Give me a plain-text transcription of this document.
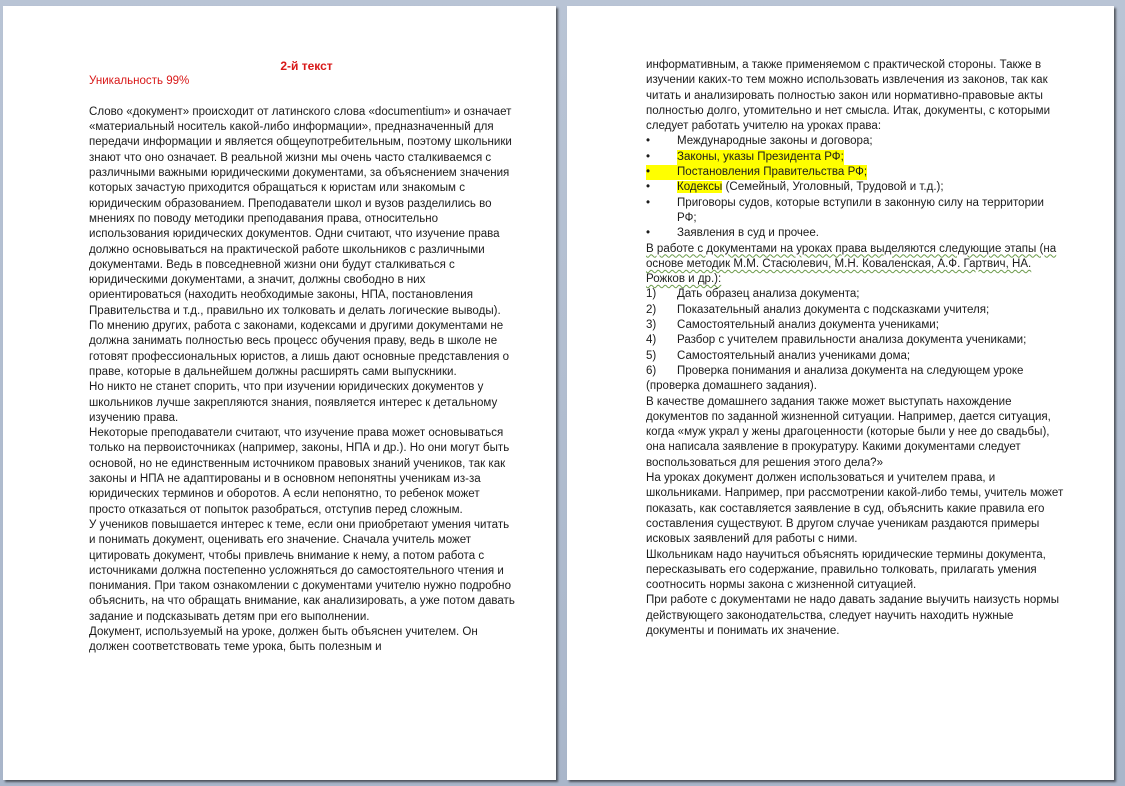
2-й текст
Уникальность 99%

Слово «документ» происходит от латинского слова «documentium» и означает «материальный носитель какой-либо информации», предназначенный для передачи информации и является общеупотребительным, поэтому школьники знают что оно означает. В реальной жизни мы очень часто сталкиваемся с различными важными юридическими документами, за объяснением значения которых зачастую приходится обращаться к юристам или знакомым с юридическим образованием. Преподаватели школ и вузов разделились во мнениях по поводу методики преподавания права, относительно использования юридических документов. Одни считают, что изучение права должно основываться на практической работе школьников с различными документами. Ведь в повседневной жизни они будут сталкиваться с юридическими документами, а значит, должны свободно в них ориентироваться (находить необходимые законы, НПА, постановления Правительства и т.д., правильно их толковать и делать логические выводы). По мнению других, работа с законами, кодексами и другими документами не должна занимать полностью весь процесс обучения праву, ведь в школе не готовят профессиональных юристов, а лишь дают основные представления о праве, которые в дальнейшем должны расширять сами выпускники.

Но никто не станет спорить, что при изучении юридических документов у школьников лучше закрепляются знания, появляется интерес к детальному изучению права.

Некоторые преподаватели считают, что изучение права может основываться только на первоисточниках (например, законы, НПА и др.). Но они могут быть основой, но не единственным источником правовых знаний учеников, так как законы и НПА не адаптированы и в основном непонятны ученикам из-за юридических терминов и оборотов. А если непонятно, то ребенок может просто отказаться от попыток разобраться, отступив перед сложным.

У учеников повышается интерес к теме, если они приобретают умения читать и понимать документ, оценивать его значение. Сначала учитель может цитировать документ, чтобы привлечь внимание к нему, а потом работа с источниками должна постепенно усложняться до самостоятельного чтения и понимания. При таком ознакомлении с документами учителю нужно подробно объяснить, на что обращать внимание, как анализировать, а уже потом давать задание и подсказывать детям при его выполнении.

Документ, используемый на уроке, должен быть объяснен учителем. Он должен соответствовать теме урока, быть полезным и

информативным, а также применяемом с практической стороны. Также в изучении каких-то тем можно использовать извлечения из законов, так как читать и анализировать полностью закон или нормативно-правовые акты полностью долго, утомительно и нет смысла. Итак, документы, с которыми следует работать учителю на уроках права:

•	Международные законы и договора;
•	Законы, указы Президента РФ;
•	Постановления Правительства РФ;
•	Кодексы (Семейный, Уголовный, Трудовой и т.д.);
•	Приговоры судов, которые вступили в законную силу на территории РФ;
•	Заявления в суд и прочее.

В работе с документами на уроках права выделяются следующие этапы (на основе методик М.М. Стасюлевич, М.Н. Коваленская, А.Ф. Гартвич, НА. Рожков и др.):

1)	Дать образец анализа документа;
2)	Показательный анализ документа с подсказками учителя;
3)	Самостоятельный анализ документа учениками;
4)	Разбор с учителем правильности анализа документа учениками;
5)	Самостоятельный анализ учениками дома;
6) Проверка понимания и анализа документа на следующем уроке (проверка домашнего задания).

В качестве домашнего задания также может выступать нахождение документов по заданной жизненной ситуации. Например, дается ситуация, когда «муж украл у жены драгоценности (которые были у нее до свадьбы), она написала заявление в прокуратуру. Какими документами следует воспользоваться для решения этого дела?»

На уроках документ должен использоваться и учителем права, и школьниками. Например, при рассмотрении какой-либо темы, учитель может показать, как составляется заявление в суд, объяснить какие правила его составления существуют. В другом случае ученикам раздаются примеры исковых заявлений для работы с ними.

Школьникам надо научиться объяснять юридические термины документа, пересказывать его содержание, правильно толковать, прилагать умения соотносить нормы закона с жизненной ситуацией.

При работе с документами не надо давать задание выучить наизусть нормы действующего законодательства, следует научить находить нужные документы и понимать их значение.
